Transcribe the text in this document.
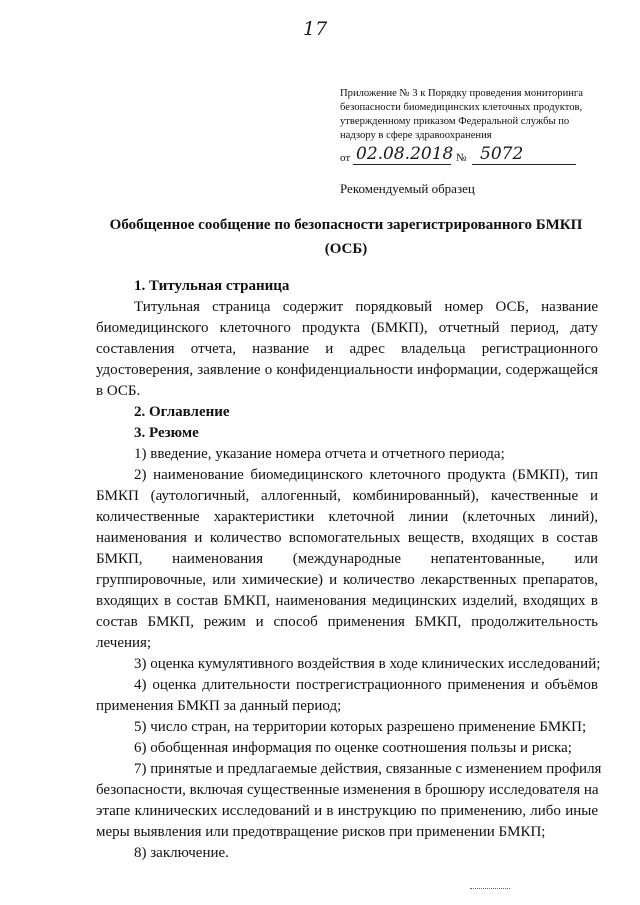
17
Приложение № 3 к Порядку проведения мониторинга
безопасности биомедицинских клеточных продуктов,
утвержденному приказом Федеральной службы по
надзору в сфере здравоохранения
от 02.08.2018 № 5072
Рекомендуемый образец
Обобщенное сообщение по безопасности зарегистрированного БМКП
(ОСБ)
1. Титульная страница
Титульная страница содержит порядковый номер ОСБ, название
биомедицинского клеточного продукта (БМКП), отчетный период, дату
составления отчета, название и адрес владельца регистрационного
удостоверения, заявление о конфиденциальности информации, содержащейся
в ОСБ.
2. Оглавление
3. Резюме
1) введение, указание номера отчета и отчетного периода;
2) наименование биомедицинского клеточного продукта (БМКП), тип
БМКП (аутологичный, аллогенный, комбинированный), качественные и
количественные характеристики клеточной линии (клеточных линий),
наименования и количество вспомогательных веществ, входящих в состав
БМКП, наименования (международные непатентованные, или
группировочные, или химические) и количество лекарственных препаратов,
входящих в состав БМКП, наименования медицинских изделий, входящих в
состав БМКП, режим и способ применения БМКП, продолжительность
лечения;
3) оценка кумулятивного воздействия в ходе клинических исследований;
4) оценка длительности пострегистрационного применения и объёмов
применения БМКП за данный период;
5) число стран, на территории которых разрешено применение БМКП;
6) обобщенная информация по оценке соотношения пользы и риска;
7) принятые и предлагаемые действия, связанные с изменением профиля
безопасности, включая существенные изменения в брошюру исследователя на
этапе клинических исследований и в инструкцию по применению, либо иные
меры выявления или предотвращение рисков при применении БМКП;
8) заключение.
